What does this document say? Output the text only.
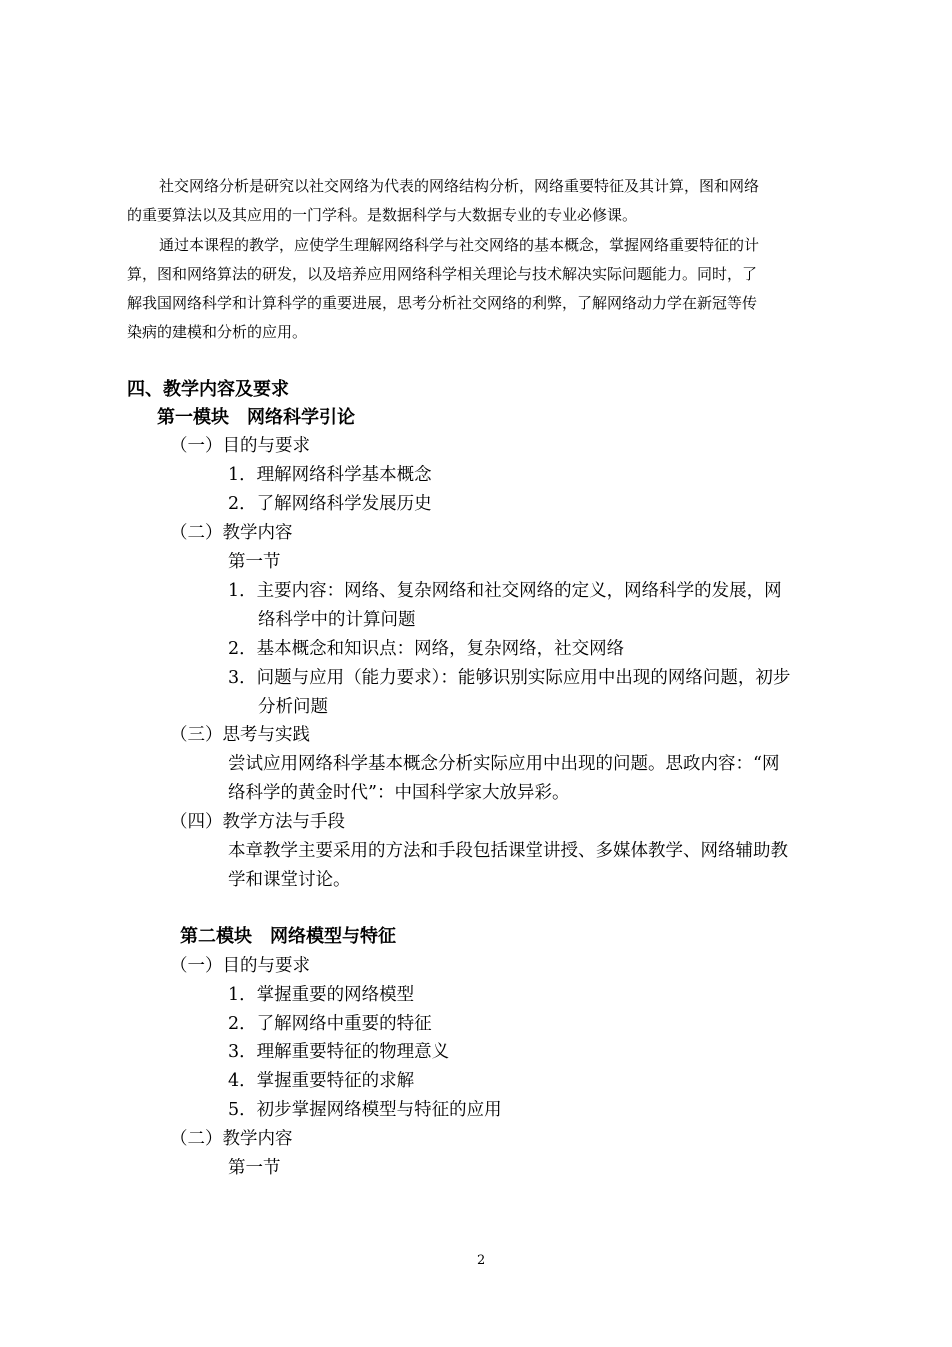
社交网络分析是研究以社交网络为代表的网络结构分析，网络重要特征及其计算，图和网络
的重要算法以及其应用的一门学科。是数据科学与大数据专业的专业必修课。
通过本课程的教学，应使学生理解网络科学与社交网络的基本概念，掌握网络重要特征的计
算，图和网络算法的研发，以及培养应用网络科学相关理论与技术解决实际问题能力。同时，了
解我国网络科学和计算科学的重要进展，思考分析社交网络的利弊，了解网络动力学在新冠等传
染病的建模和分析的应用。
四、教学内容及要求
第一模块　网络科学引论
（一）目的与要求
1．理解网络科学基本概念
2．了解网络科学发展历史
（二）教学内容
第一节
1．主要内容：网络、复杂网络和社交网络的定义，网络科学的发展，网
络科学中的计算问题
2．基本概念和知识点：网络，复杂网络，社交网络
3．问题与应用（能力要求）：能够识别实际应用中出现的网络问题，初步
分析问题
（三）思考与实践
尝试应用网络科学基本概念分析实际应用中出现的问题。思政内容：“网
络科学的黄金时代”：中国科学家大放异彩。
（四）教学方法与手段
本章教学主要采用的方法和手段包括课堂讲授、多媒体教学、网络辅助教
学和课堂讨论。
第二模块　网络模型与特征
（一）目的与要求
1．掌握重要的网络模型
2．了解网络中重要的特征
3．理解重要特征的物理意义
4．掌握重要特征的求解
5．初步掌握网络模型与特征的应用
（二）教学内容
第一节
2
